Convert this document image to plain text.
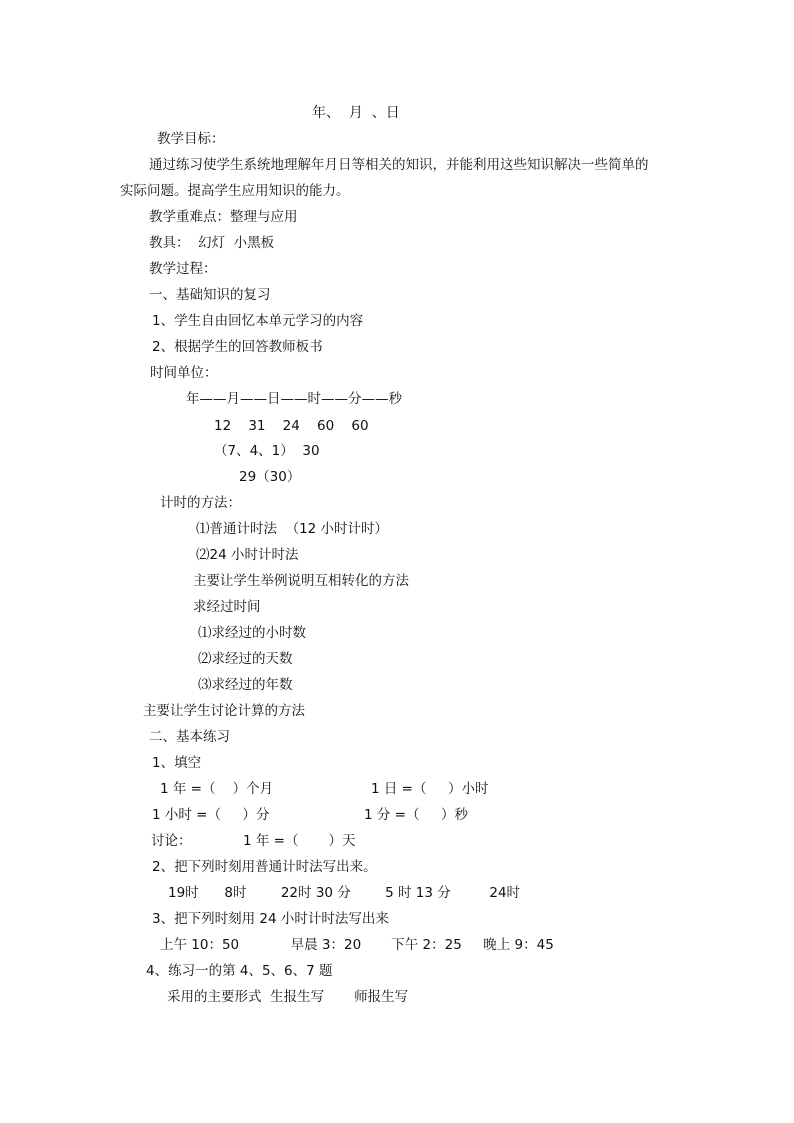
年、  月  、日

教学目标：

通过练习使学生系统地理解年月日等相关的知识，并能利用这些知识解决一些简单的

实际问题。提高学生应用知识的能力。

教学重难点：整理与应用

教具：  幻灯  小黑板

教学过程：

一、基础知识的复习

1、学生自由回忆本单元学习的内容

2、根据学生的回答教师板书

时间单位：

年——月——日——时——分——秒

12    31    24    60    60

（7、4、1）  30

29（30）

计时的方法：

⑴普通计时法  （12 小时计时）

⑵24 小时计时法

主要让学生举例说明互相转化的方法

求经过时间

⑴求经过的小时数

⑵求经过的天数

⑶求经过的年数

主要让学生讨论计算的方法

二、基本练习

1、填空

1 年 =（    ）个月	1 日 =（     ）小时

1 小时 =（     ）分	1 分 =（     ）秒

讨论：	1 年 =（       ）天

2、把下列时刻用普通计时法写出来。

19时      8时        22时 30 分        5 时 13 分         24时

3、把下列时刻用 24 小时计时法写出来

上午 10：50            早晨 3：20       下午 2：25     晚上 9：45

4、练习一的第 4、5、6、7 题

采用的主要形式  生报生写       师报生写
